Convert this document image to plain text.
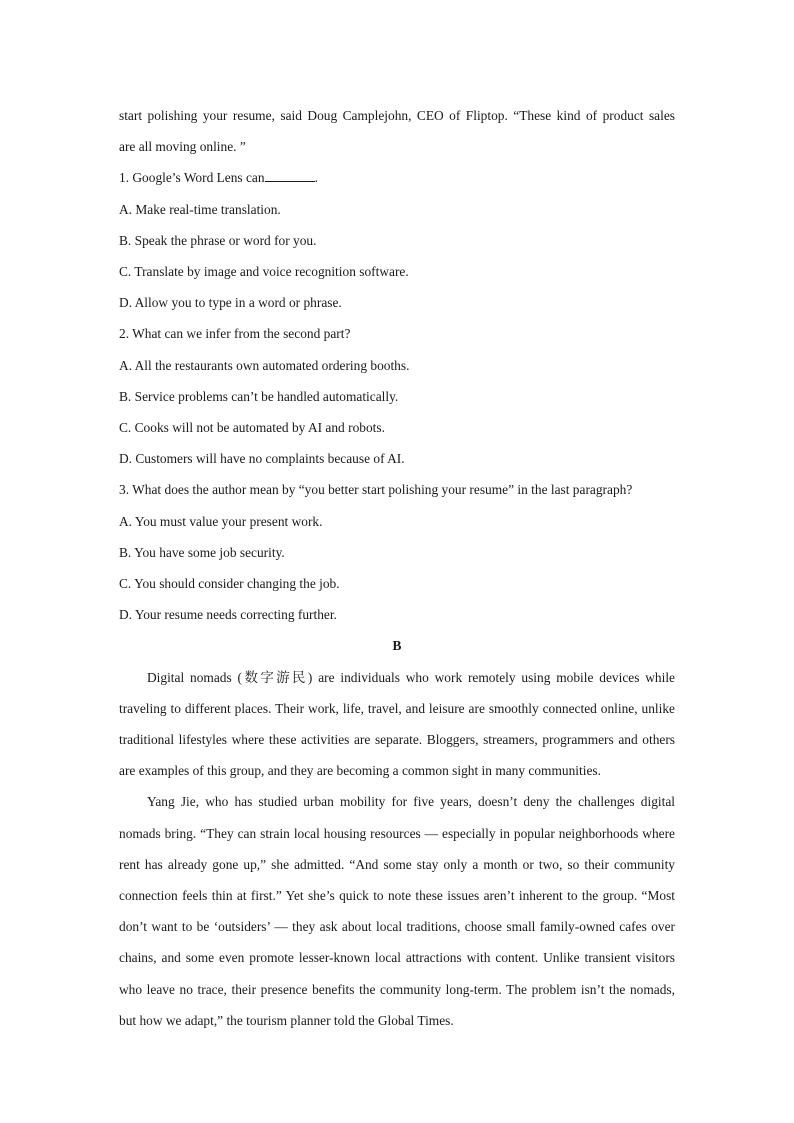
start polishing your resume, said Doug Camplejohn, CEO of Fliptop. “These kind of product sales
are all moving online. ”
1. Google’s Word Lens can	.
A. Make real-time translation.
B. Speak the phrase or word for you.
C. Translate by image and voice recognition software.
D. Allow you to type in a word or phrase.
2. What can we infer from the second part?
A. All the restaurants own automated ordering booths.
B. Service problems can’t be handled automatically.
C. Cooks will not be automated by AI and robots.
D. Customers will have no complaints because of AI.
3. What does the author mean by “you better start polishing your resume” in the last paragraph?
A. You must value your present work.
B. You have some job security.
C. You should consider changing the job.
D. Your resume needs correcting further.
B

Digital nomads (数字游民) are individuals who work remotely using mobile devices while traveling to different places. Their work, life, travel, and leisure are smoothly connected online, unlike traditional lifestyles where these activities are separate. Bloggers, streamers, programmers and others are examples of this group, and they are becoming a common sight in many communities.

Yang Jie, who has studied urban mobility for five years, doesn’t deny the challenges digital nomads bring. “They can strain local housing resources — especially in popular neighborhoods where rent has already gone up,” she admitted. “And some stay only a month or two, so their community connection feels thin at first.” Yet she’s quick to note these issues aren’t inherent to the group. “Most don’t want to be ‘outsiders’ — they ask about local traditions, choose small family-owned cafes over chains, and some even promote lesser-known local attractions with content. Unlike transient visitors who leave no trace, their presence benefits the community long-term. The problem isn’t the nomads, but how we adapt,” the tourism planner told the Global Times.
